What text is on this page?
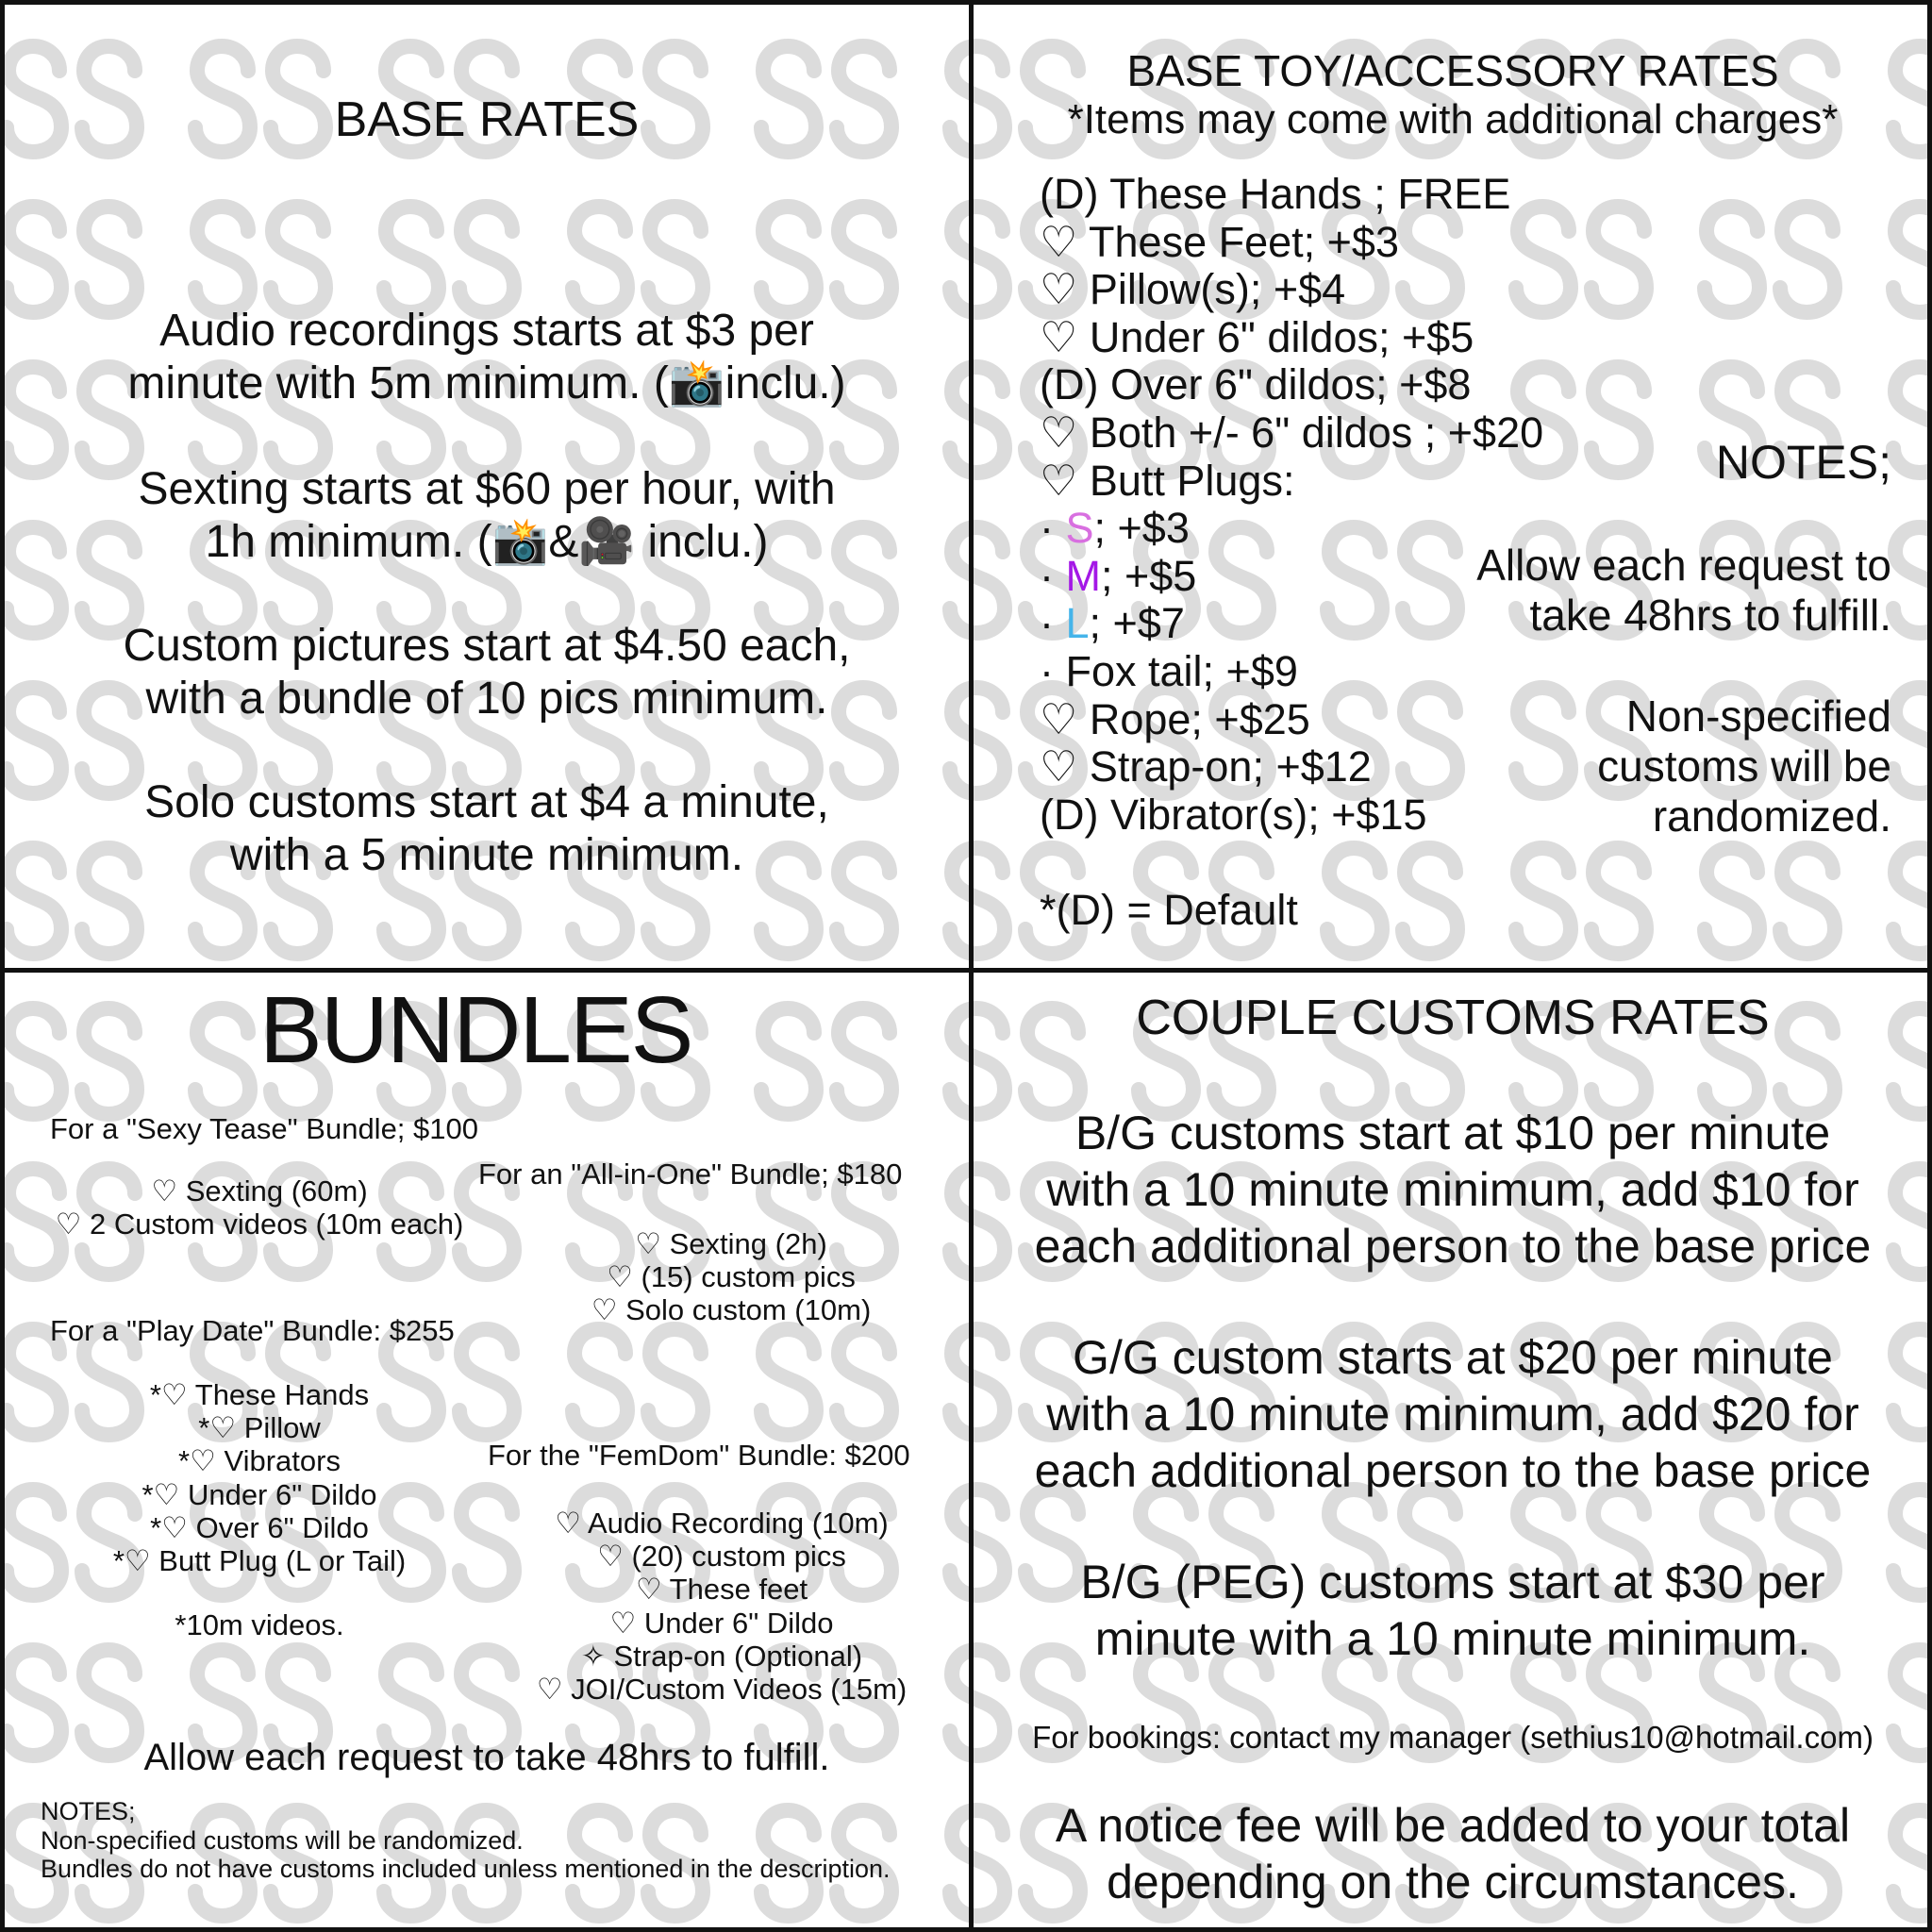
BASE RATES
Audio recordings starts at $3 per
minute with 5m minimum. (📸inclu.)
Sexting starts at $60 per hour, with
1h minimum. (📸&🎥 inclu.)
Custom pictures start at $4.50 each,
with a bundle of 10 pics minimum.
Solo customs start at $4 a minute,
with a 5 minute minimum.
BASE TOY/ACCESSORY RATES
*Items may come with additional charges*
(D) These Hands ; FREE
♡ These Feet; +$3
♡ Pillow(s); +$4
♡ Under 6" dildos; +$5
(D) Over 6" dildos; +$8
♡ Both +/- 6" dildos ; +$20
♡ Butt Plugs:
· S; +$3
· M; +$5
· L; +$7
· Fox tail; +$9
♡ Rope; +$25
♡ Strap-on; +$12
(D) Vibrator(s); +$15
*(D) = Default
NOTES;
Allow each request to
take 48hrs to fulfill.
Non-specified
customs will be
randomized.
BUNDLES
For a "Sexy Tease" Bundle; $100
♡ Sexting (60m)
♡ 2 Custom videos (10m each)
For an "All-in-One" Bundle; $180
♡ Sexting (2h)
♡ (15) custom pics
♡ Solo custom (10m)
For a "Play Date" Bundle: $255
*♡ These Hands
*♡ Pillow
*♡ Vibrators
*♡ Under 6" Dildo
*♡ Over 6" Dildo
*♡ Butt Plug (L or Tail)
*10m videos.
For the "FemDom" Bundle: $200
♡ Audio Recording (10m)
♡ (20) custom pics
♡ These feet
♡ Under 6" Dildo
✧ Strap-on (Optional)
♡ JOI/Custom Videos (15m)
Allow each request to take 48hrs to fulfill.
NOTES;
Non-specified customs will be randomized.
Bundles do not have customs included unless mentioned in the description.
COUPLE CUSTOMS RATES
B/G customs start at $10 per minute
with a 10 minute minimum, add $10 for
each additional person to the base price
G/G custom starts at $20 per minute
with a 10 minute minimum, add $20 for
each additional person to the base price
B/G (PEG) customs start at $30 per
minute with a 10 minute minimum.
For bookings: contact my manager (sethius10@hotmail.com)
A notice fee will be added to your total
depending on the circumstances.
